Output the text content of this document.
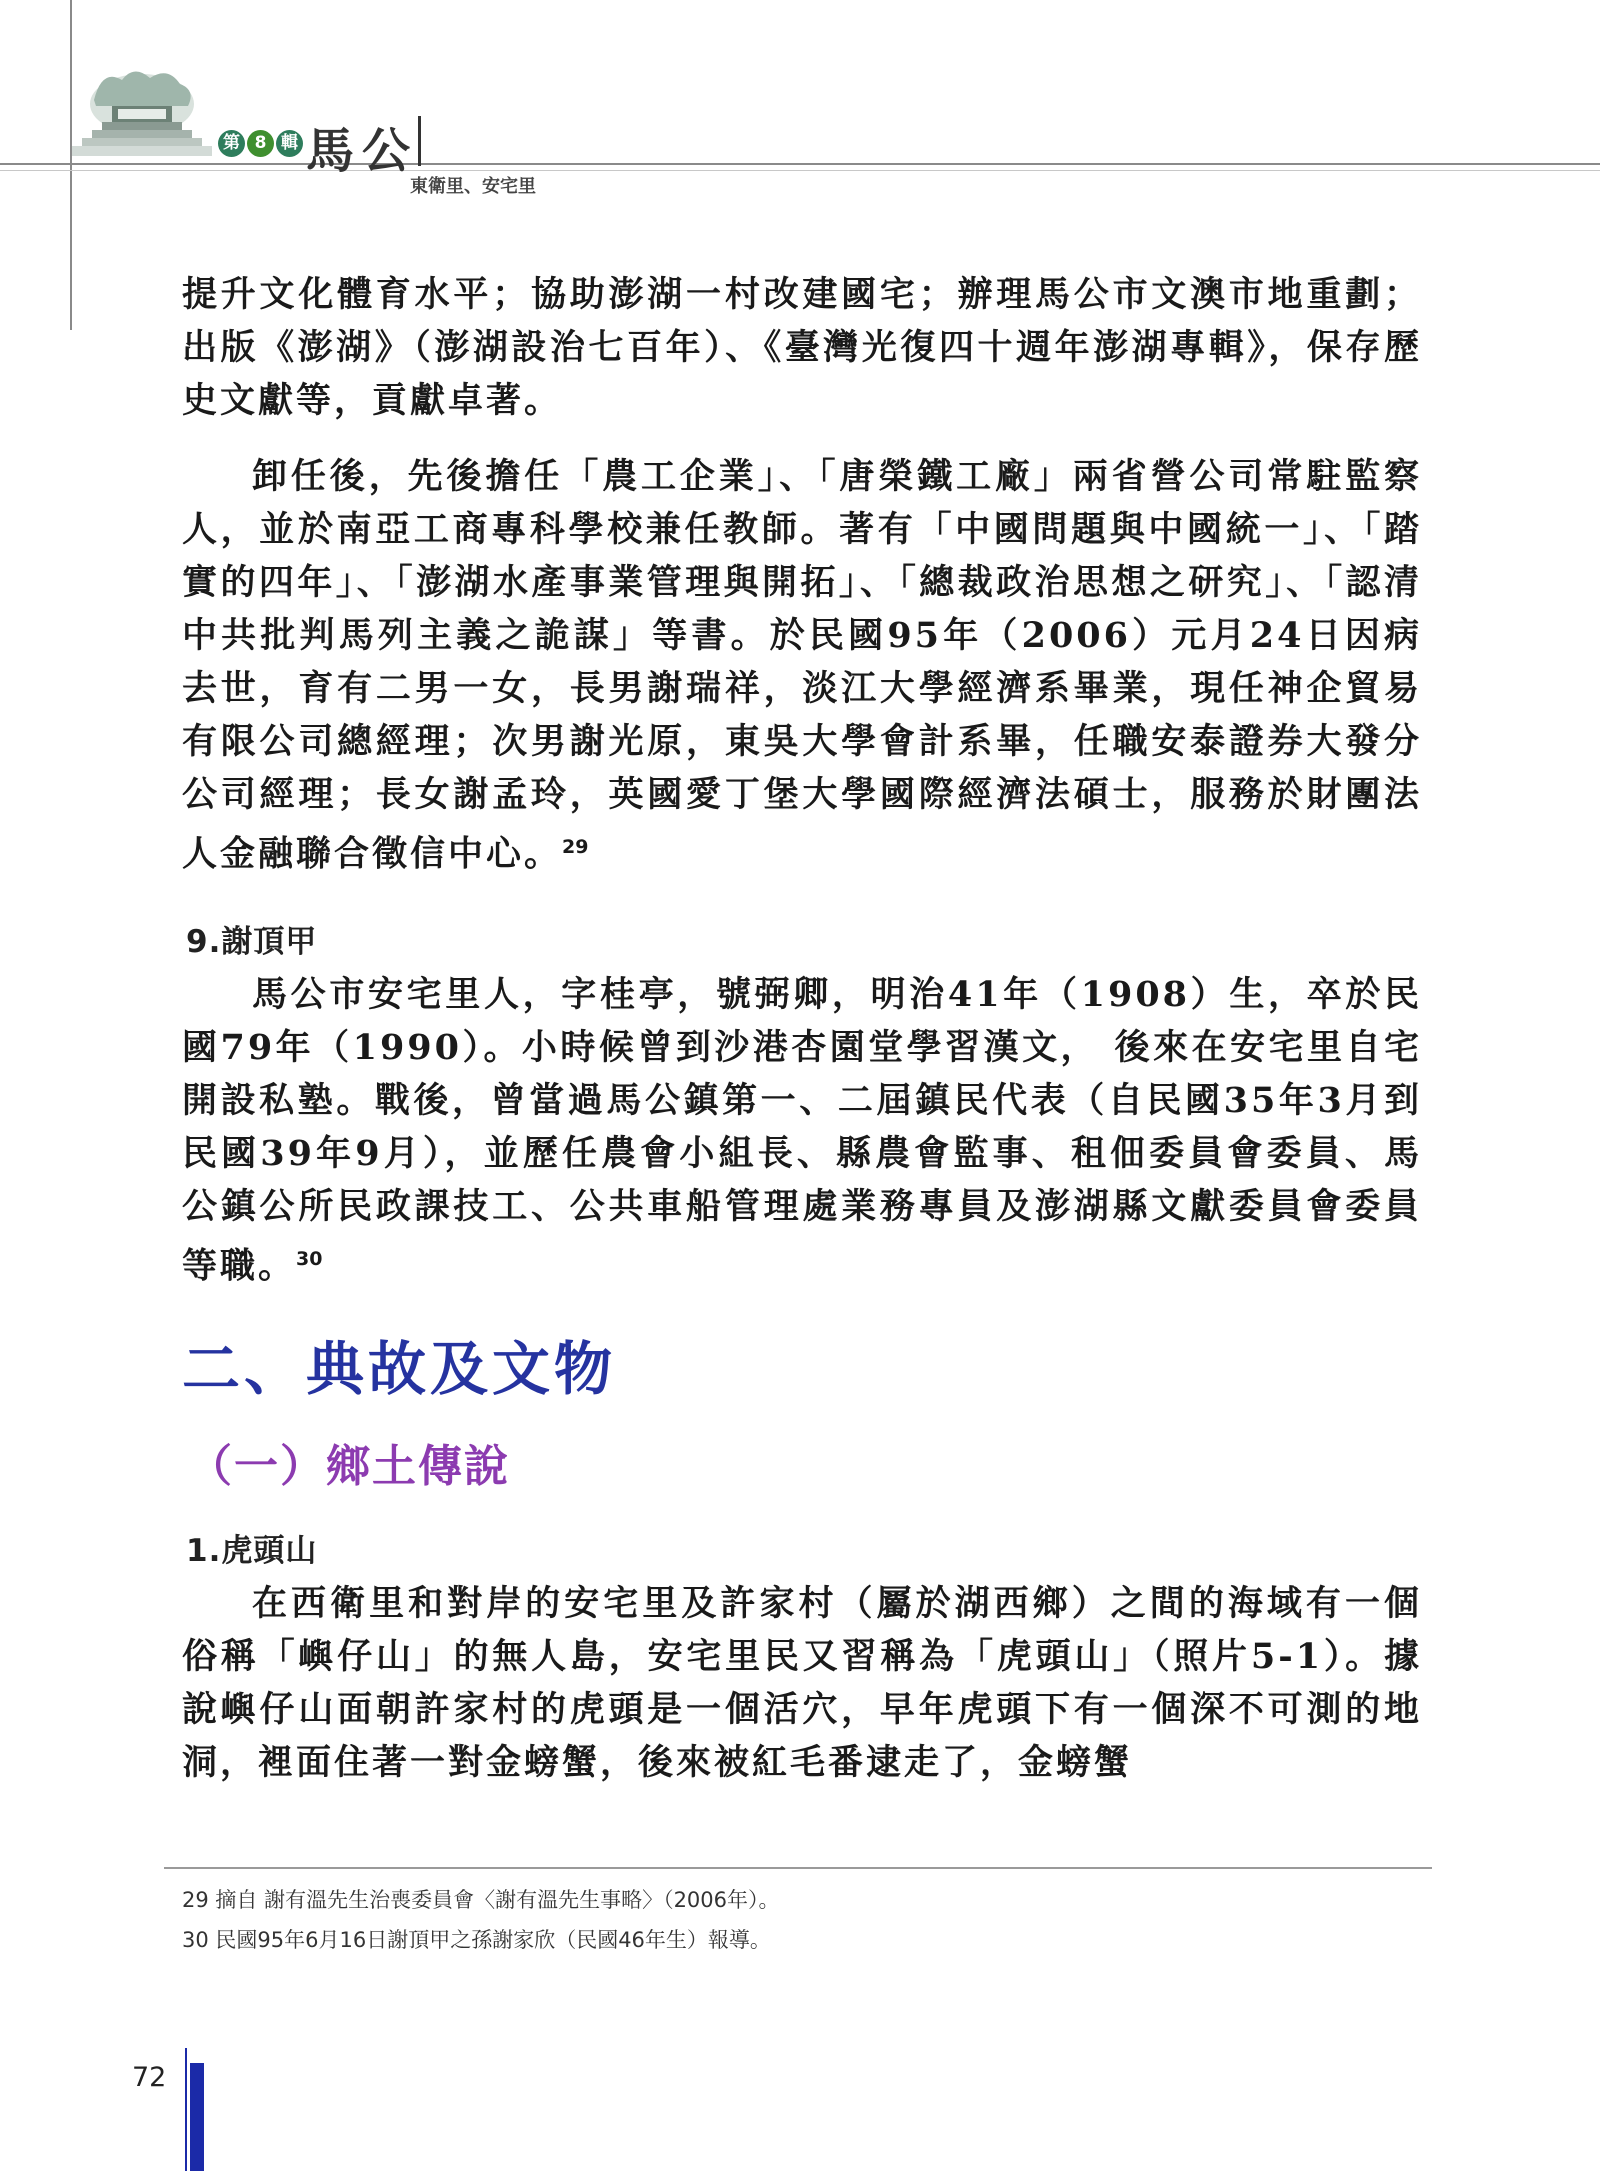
第 8 輯 馬公
東衛里、安宅里

提升文化體育水平；協助澎湖一村改建國宅；辦理馬公市文澳市地重劃；出版《澎湖》（澎湖設治七百年）、《臺灣光復四十週年澎湖專輯》，保存歷史文獻等，貢獻卓著。

卸任後，先後擔任「農工企業」、「唐榮鐵工廠」兩省營公司常駐監察人，並於南亞工商專科學校兼任教師。著有「中國問題與中國統一」、「踏實的四年」、「澎湖水產事業管理與開拓」、「總裁政治思想之研究」、「認清中共批判馬列主義之詭謀」等書。於民國95年（2006）元月24日因病去世，育有二男一女，長男謝瑞祥，淡江大學經濟系畢業，現任神企貿易有限公司總經理；次男謝光原，東吳大學會計系畢，任職安泰證券大發分公司經理；長女謝孟玲，英國愛丁堡大學國際經濟法碩士，服務於財團法人金融聯合徵信中心。$^{29}$

9.謝頂甲

馬公市安宅里人，字桂亭，號弼卿，明治41年（1908）生，卒於民國79年（1990）。小時候曾到沙港杏園堂學習漢文， 後來在安宅里自宅開設私塾。戰後，曾當過馬公鎮第一、二屆鎮民代表（自民國35年3月到民國39年9月），並歷任農會小組長、縣農會監事、租佃委員會委員、馬公鎮公所民政課技工、公共車船管理處業務專員及澎湖縣文獻委員會委員等職。$^{30}$

二、典故及文物
（一）鄉土傳說
1.虎頭山

在西衛里和對岸的安宅里及許家村（屬於湖西鄉）之間的海域有一個俗稱「嶼仔山」的無人島，安宅里民又習稱為「虎頭山」（照片5-1）。據說嶼仔山面朝許家村的虎頭是一個活穴，早年虎頭下有一個深不可測的地洞，裡面住著一對金螃蟹，後來被紅毛番逮走了，金螃蟹

29 摘自 謝有溫先生治喪委員會〈謝有溫先生事略〉（2006年）。
30 民國95年6月16日謝頂甲之孫謝家欣（民國46年生）報導。
72
